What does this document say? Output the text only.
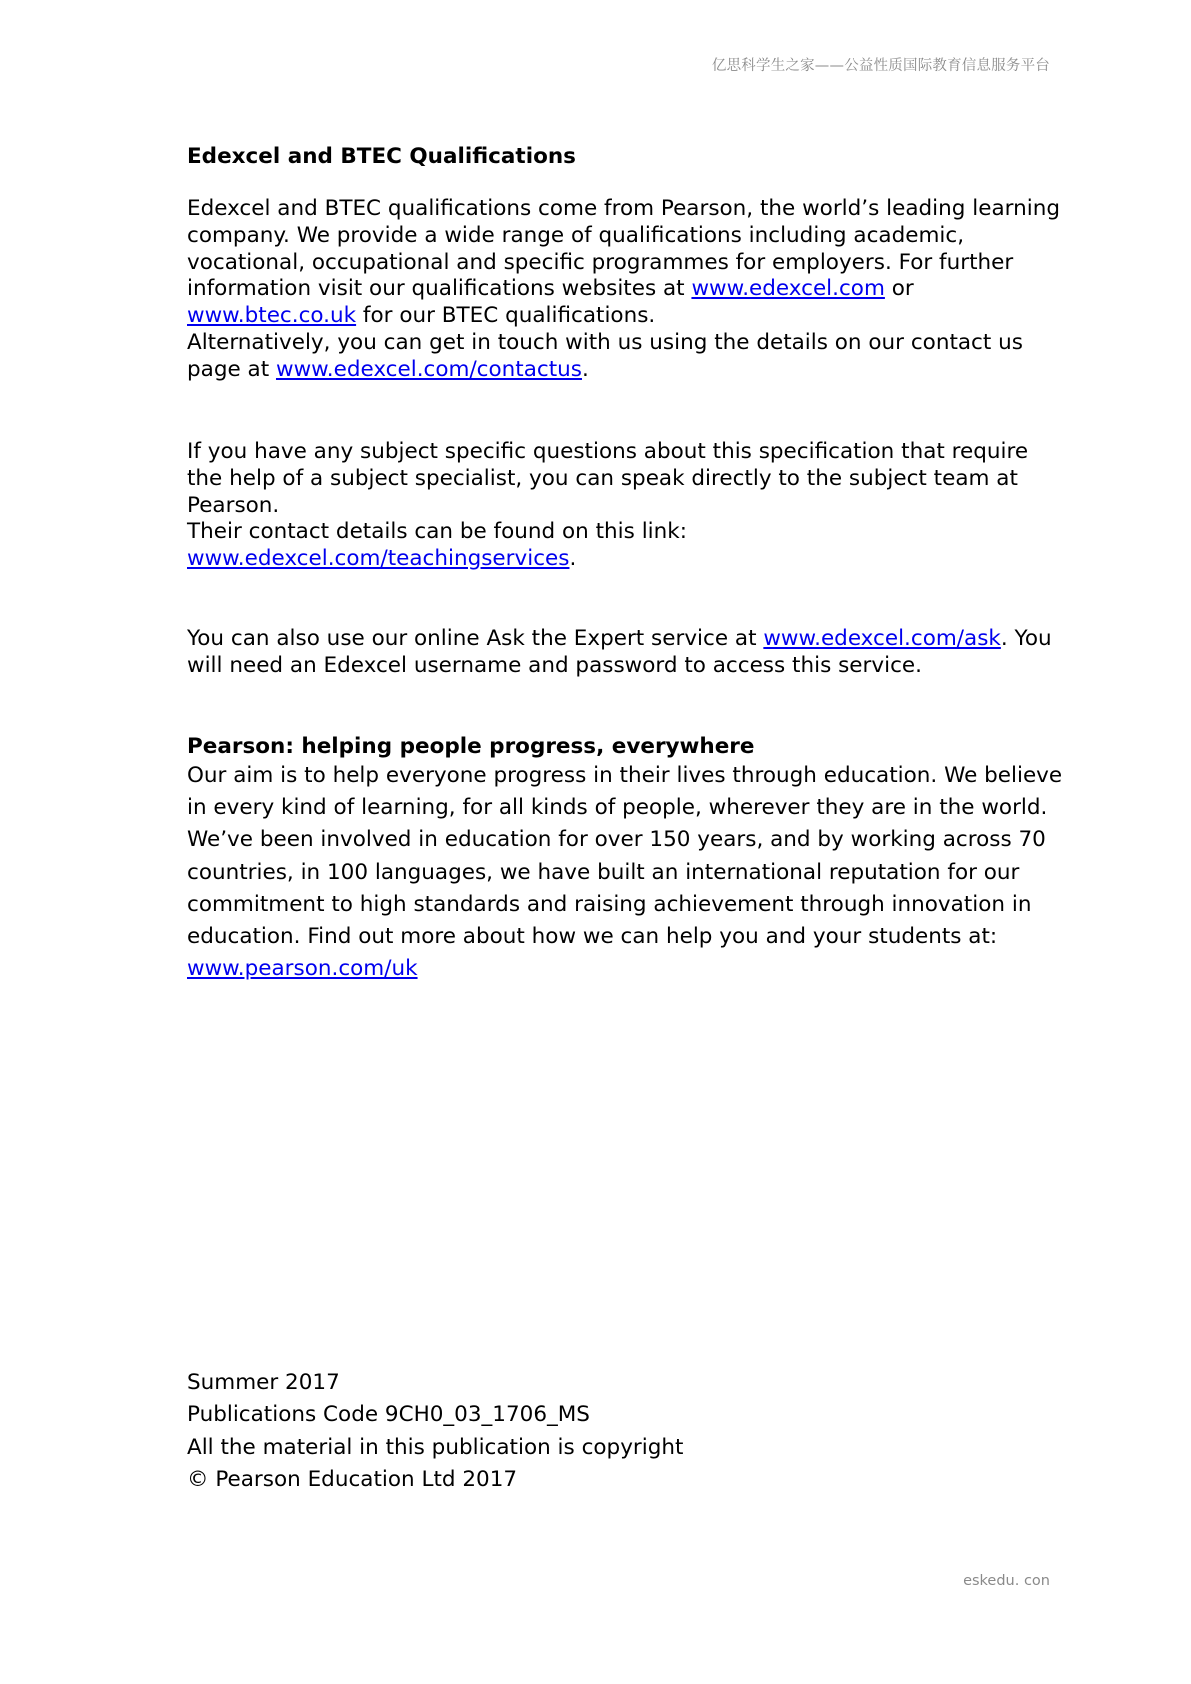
亿思科学生之家——公益性质国际教育信息服务平台

Edexcel and BTEC Qualifications

Edexcel and BTEC qualifications come from Pearson, the world’s leading learning company. We provide a wide range of qualifications including academic, vocational, occupational and specific programmes for employers. For further information visit our qualifications websites at www.edexcel.com or www.btec.co.uk for our BTEC qualifications.

Alternatively, you can get in touch with us using the details on our contact us page at www.edexcel.com/contactus.

If you have any subject specific questions about this specification that require the help of a subject specialist, you can speak directly to the subject team at Pearson.

Their contact details can be found on this link:

www.edexcel.com/teachingservices.

You can also use our online Ask the Expert service at www.edexcel.com/ask. You will need an Edexcel username and password to access this service.

Pearson: helping people progress, everywhere

Our aim is to help everyone progress in their lives through education. We believe in every kind of learning, for all kinds of people, wherever they are in the world. We’ve been involved in education for over 150 years, and by working across 70 countries, in 100 languages, we have built an international reputation for our commitment to high standards and raising achievement through innovation in education. Find out more about how we can help you and your students at: www.pearson.com/uk

Summer 2017
Publications Code 9CH0_03_1706_MS
All the material in this publication is copyright
© Pearson Education Ltd 2017
eskedu. con
